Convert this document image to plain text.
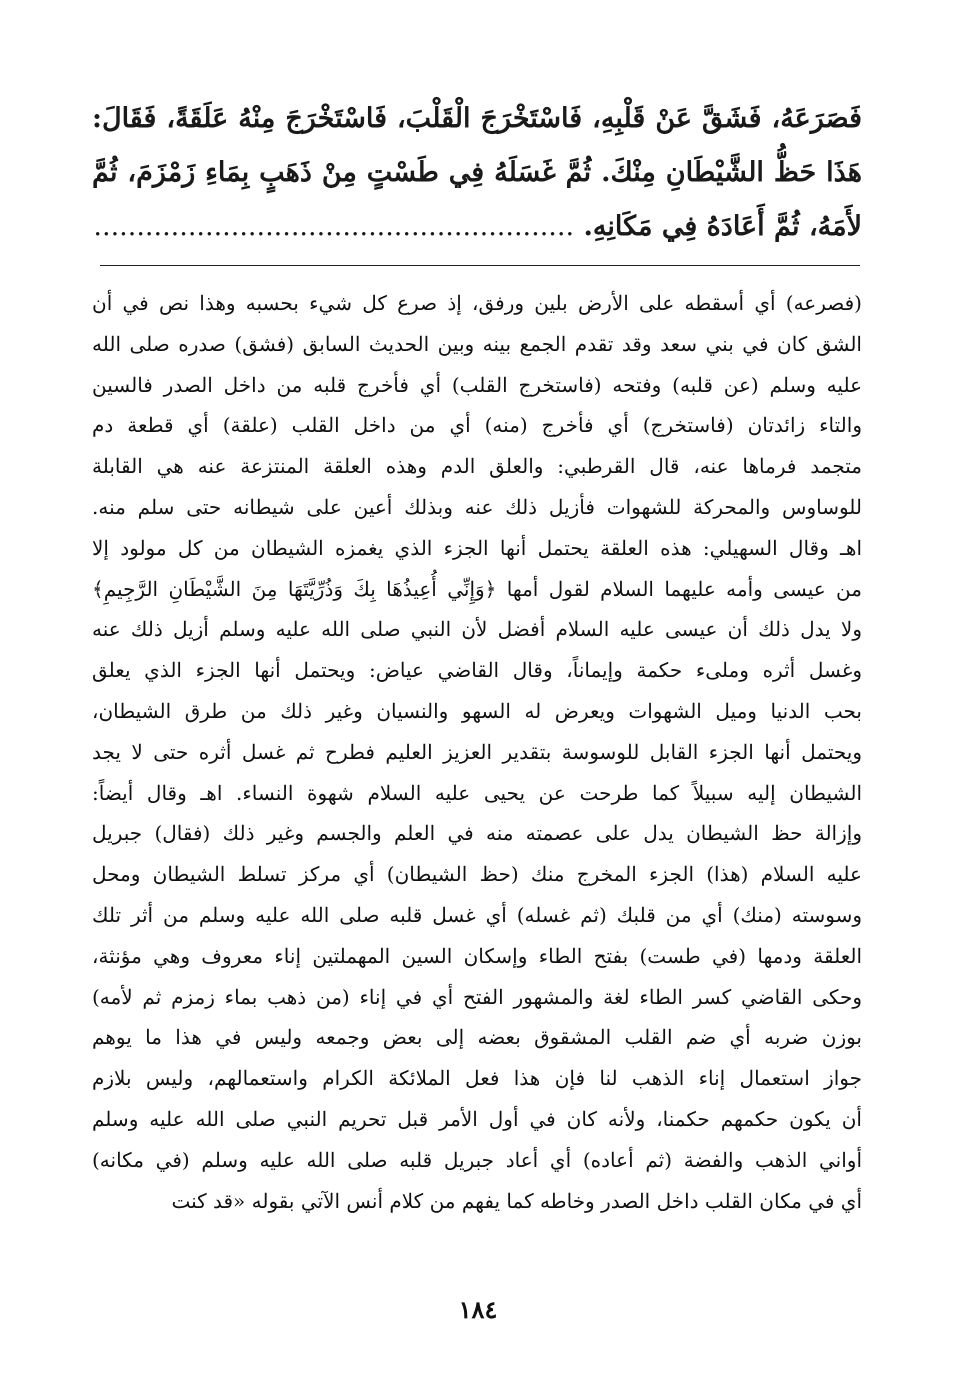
فَصَرَعَهُ، فَشَقَّ عَنْ قَلْبِهِ، فَاسْتَخْرَجَ الْقَلْبَ، فَاسْتَخْرَجَ مِنْهُ عَلَقَةً، فَقَالَ: هَذَا حَظُّ الشَّيْطَانِ مِنْكَ. ثُمَّ غَسَلَهُ فِي طَسْتٍ مِنْ ذَهَبٍ بِمَاءِ زَمْزَمَ، ثُمَّ لأَمَهُ، ثُمَّ أَعَادَهُ فِي مَكَانِهِ. ........................................................
(فصرعه) أي أسقطه على الأرض بلين ورفق، إذ صرع كل شيء بحسبه وهذا نص في أن
الشق كان في بني سعد وقد تقدم الجمع بينه وبين الحديث السابق (فشق) صدره صلى الله
عليه وسلم (عن قلبه) وفتحه (فاستخرج القلب) أي فأخرج قلبه من داخل الصدر فالسين
والتاء زائدتان (فاستخرج) أي فأخرج (منه) أي من داخل القلب (علقة) أي قطعة دم
متجمد فرماها عنه، قال القرطبي: والعلق الدم وهذه العلقة المنتزعة عنه هي القابلة
للوساوس والمحركة للشهوات فأزيل ذلك عنه وبذلك أعين على شيطانه حتى سلم منه.
اهـ وقال السهيلي: هذه العلقة يحتمل أنها الجزء الذي يغمزه الشيطان من كل مولود إلا
من عيسى وأمه عليهما السلام لقول أمها ﴿وَإِنِّي أُعِيذُهَا بِكَ وَذُرِّيَّتَهَا مِنَ الشَّيْطَانِ الرَّجِيمِ﴾
ولا يدل ذلك أن عيسى عليه السلام أفضل لأن النبي صلى الله عليه وسلم أزيل ذلك عنه
وغسل أثره وملىء حكمة وإيماناً، وقال القاضي عياض: ويحتمل أنها الجزء الذي يعلق
بحب الدنيا وميل الشهوات ويعرض له السهو والنسيان وغير ذلك من طرق الشيطان،
ويحتمل أنها الجزء القابل للوسوسة بتقدير العزيز العليم فطرح ثم غسل أثره حتى لا يجد
الشيطان إليه سبيلاً كما طرحت عن يحيى عليه السلام شهوة النساء. اهـ وقال أيضاً:
وإزالة حظ الشيطان يدل على عصمته منه في العلم والجسم وغير ذلك (فقال) جبريل
عليه السلام (هذا) الجزء المخرج منك (حظ الشيطان) أي مركز تسلط الشيطان ومحل
وسوسته (منك) أي من قلبك (ثم غسله) أي غسل قلبه صلى الله عليه وسلم من أثر تلك
العلقة ودمها (في طست) بفتح الطاء وإسكان السين المهملتين إناء معروف وهي مؤنثة،
وحكى القاضي كسر الطاء لغة والمشهور الفتح أي في إناء (من ذهب بماء زمزم ثم لأمه)
بوزن ضربه أي ضم القلب المشقوق بعضه إلى بعض وجمعه وليس في هذا ما يوهم
جواز استعمال إناء الذهب لنا فإن هذا فعل الملائكة الكرام واستعمالهم، وليس بلازم
أن يكون حكمهم حكمنا، ولأنه كان في أول الأمر قبل تحريم النبي صلى الله عليه وسلم
أواني الذهب والفضة (ثم أعاده) أي أعاد جبريل قلبه صلى الله عليه وسلم (في مكانه)
أي في مكان القلب داخل الصدر وخاطه كما يفهم من كلام أنس الآتي بقوله «قد كنت
١٨٤
